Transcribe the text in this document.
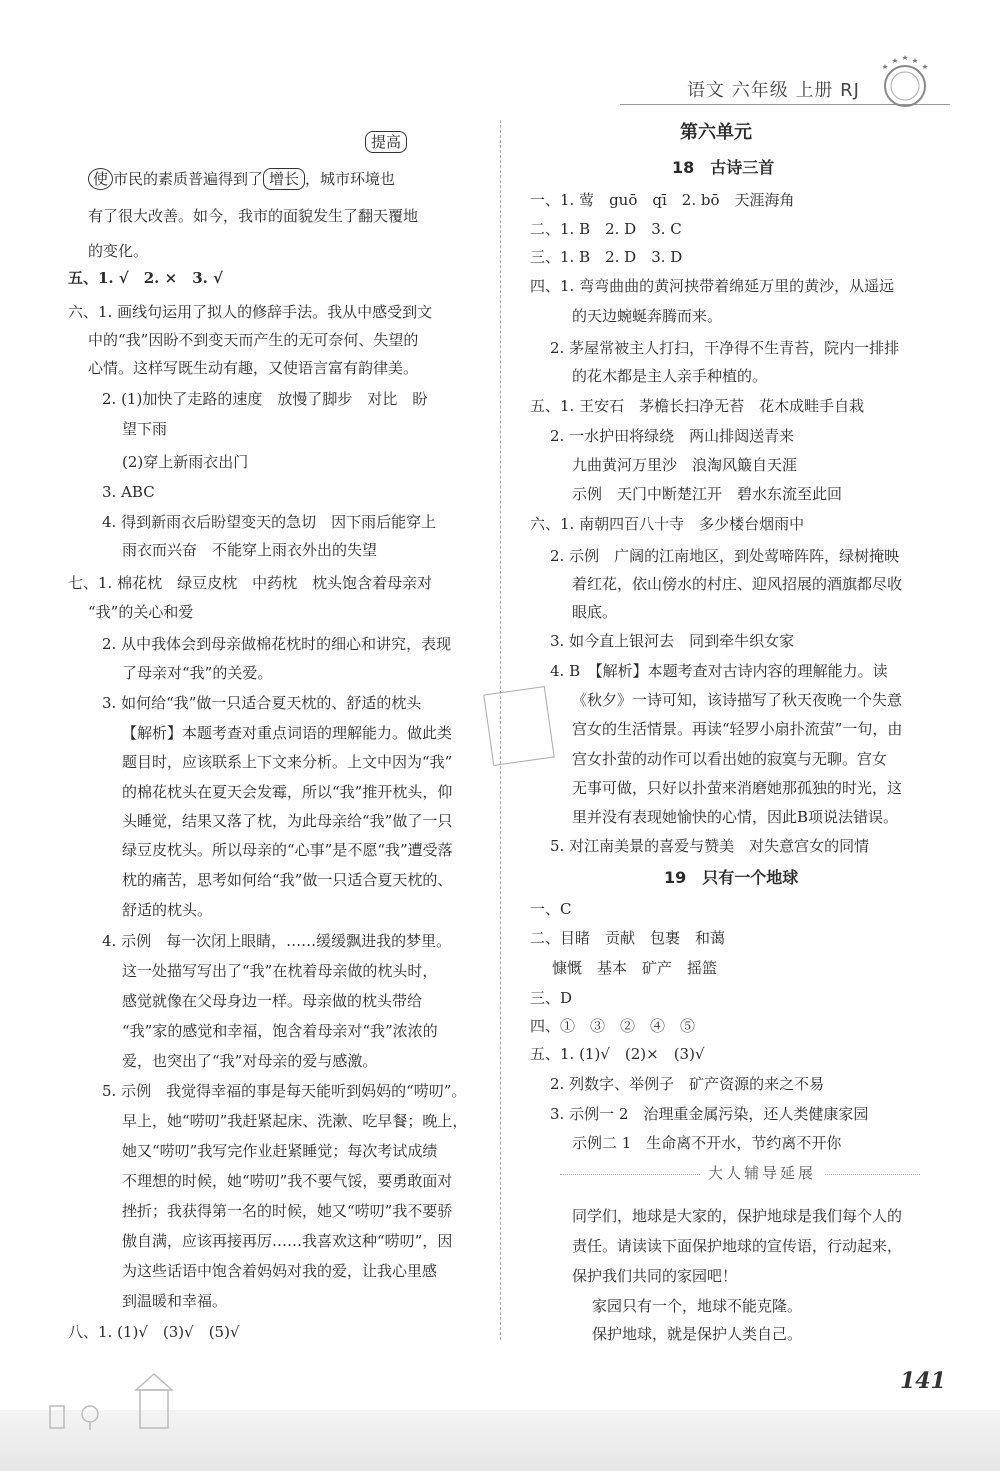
语文 六年级 上册 RJ
提高
使 市民的素质普遍得到了 增长 ，城市环境也
有了很大改善。如今，我市的面貌发生了翻天覆地
的变化。
五、1. √　2. ×　3. √
六、1. 画线句运用了拟人的修辞手法。我从中感受到文
中的“我”因盼不到变天而产生的无可奈何、失望的
心情。这样写既生动有趣，又使语言富有韵律美。
2. (1)加快了走路的速度　放慢了脚步　对比　盼
望下雨
(2)穿上新雨衣出门
3. ABC
4. 得到新雨衣后盼望变天的急切　因下雨后能穿上
雨衣而兴奋　不能穿上雨衣外出的失望
七、1. 棉花枕　绿豆皮枕　中药枕　枕头饱含着母亲对
“我”的关心和爱
2. 从中我体会到母亲做棉花枕时的细心和讲究，表现
了母亲对“我”的关爱。
3. 如何给“我”做一只适合夏天枕的、舒适的枕头
【解析】本题考查对重点词语的理解能力。做此类
题目时，应该联系上下文来分析。上文中因为“我”
的棉花枕头在夏天会发霉，所以“我”推开枕头，仰
头睡觉，结果又落了枕，为此母亲给“我”做了一只
绿豆皮枕头。所以母亲的“心事”是不愿“我”遭受落
枕的痛苦，思考如何给“我”做一只适合夏天枕的、
舒适的枕头。
4. 示例　每一次闭上眼睛，……缓缓飘进我的梦里。
这一处描写写出了“我”在枕着母亲做的枕头时，
感觉就像在父母身边一样。母亲做的枕头带给
“我”家的感觉和幸福，饱含着母亲对“我”浓浓的
爱，也突出了“我”对母亲的爱与感激。
5. 示例　我觉得幸福的事是每天能听到妈妈的“唠叨”。
早上，她“唠叨”我赶紧起床、洗漱、吃早餐；晚上，
她又“唠叨”我写完作业赶紧睡觉；每次考试成绩
不理想的时候，她“唠叨”我不要气馁，要勇敢面对
挫折；我获得第一名的时候，她又“唠叨”我不要骄
傲自满，应该再接再厉……我喜欢这种“唠叨”，因
为这些话语中饱含着妈妈对我的爱，让我心里感
到温暖和幸福。
八、1. (1)√　(3)√　(5)√
第六单元
18　古诗三首
一、1. 莺　guō　qī　2. bō　天涯海角
二、1. B　2. D　3. C
三、1. B　2. D　3. D
四、1. 弯弯曲曲的黄河挟带着绵延万里的黄沙，从遥远
的天边蜿蜒奔腾而来。
2. 茅屋常被主人打扫，干净得不生青苔，院内一排排
的花木都是主人亲手种植的。
五、1. 王安石　茅檐长扫净无苔　花木成畦手自栽
2. 一水护田将绿绕　两山排闼送青来
九曲黄河万里沙　浪淘风簸自天涯
示例　天门中断楚江开　碧水东流至此回
六、1. 南朝四百八十寺　多少楼台烟雨中
2. 示例　广阔的江南地区，到处莺啼阵阵，绿树掩映
着红花，依山傍水的村庄、迎风招展的酒旗都尽收
眼底。
3. 如今直上银河去　同到牵牛织女家
4. B　【解析】本题考查对古诗内容的理解能力。读
《秋夕》一诗可知，该诗描写了秋天夜晚一个失意
宫女的生活情景。再读“轻罗小扇扑流萤”一句，由
宫女扑萤的动作可以看出她的寂寞与无聊。宫女
无事可做，只好以扑萤来消磨她那孤独的时光，这
里并没有表现她愉快的心情，因此B项说法错误。
5. 对江南美景的喜爱与赞美　对失意宫女的同情
19　只有一个地球
一、C
二、目睹　贡献　包裹　和蔼
慷慨　基本　矿产　摇篮
三、D
四、①　③　②　④　⑤
五、1. (1)√　(2)×　(3)√
2. 列数字、举例子　矿产资源的来之不易
3. 示例一 2　治理重金属污染，还人类健康家园
示例二 1　生命离不开水，节约离不开你
大人辅导延展
同学们，地球是大家的，保护地球是我们每个人的
责任。请读读下面保护地球的宣传语，行动起来，
保护我们共同的家园吧！
家园只有一个，地球不能克隆。
保护地球，就是保护人类自己。
141
